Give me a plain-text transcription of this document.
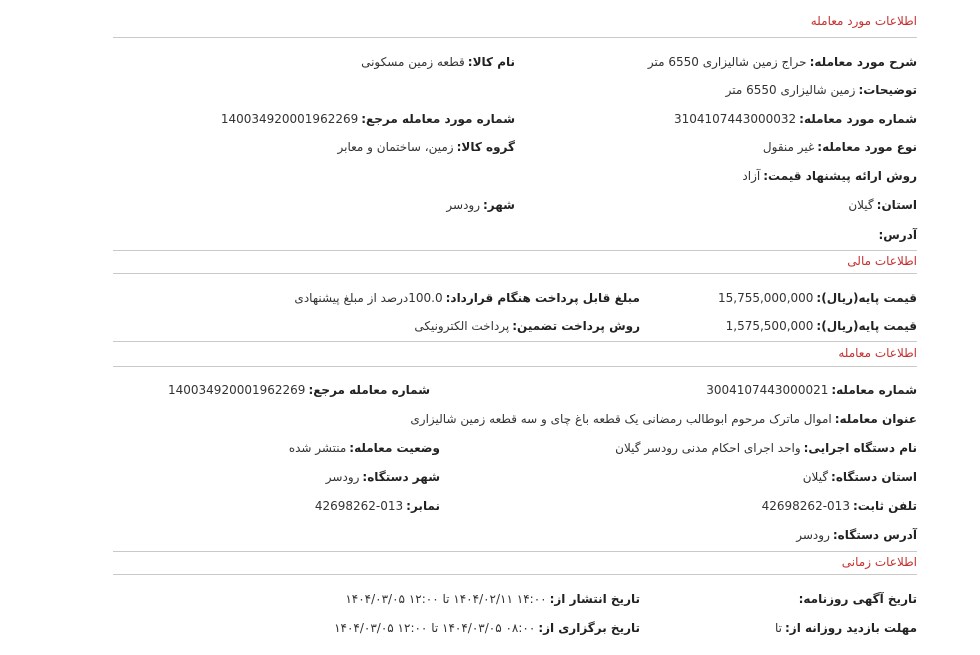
اطلاعات مورد معامله
شرح مورد معامله:حراج زمین شالیزاری 6550 متر
نام کالا:قطعه زمین مسکونی
توضیحات:زمین شالیزاری 6550 متر
شماره مورد معامله:3104107443000032
شماره مورد معامله مرجع:140034920001962269
نوع مورد معامله:غیر منقول
گروه کالا:زمین، ساختمان و معابر
روش ارائه پیشنهاد قیمت:آزاد
استان:گیلان
شهر:رودسر
آدرس:
اطلاعات مالی
قیمت پایه(ریال):15,755,000,000
مبلغ قابل پرداخت هنگام قرارداد:100.0درصد از مبلغ پیشنهادی
قیمت پایه(ریال):1,575,500,000
روش پرداخت تضمین:پرداخت الکترونیکی
اطلاعات معامله
شماره معامله:3004107443000021
شماره معامله مرجع:140034920001962269
عنوان معامله:اموال ماترک مرحوم ابوطالب رمضانی یک قطعه باغ چای و سه قطعه زمین شالیزاری
نام دستگاه اجرایی:واحد اجرای احکام مدنی رودسر گیلان
وضعیت معامله:منتشر شده
استان دستگاه:گیلان
شهر دستگاه:رودسر
تلفن ثابت:013-42698262
نمابر:013-42698262
آدرس دستگاه:رودسر
اطلاعات زمانی
تاریخ آگهی روزنامه:
تاریخ انتشار از:۱۴:۰۰ ۱۴۰۴/۰۲/۱۱ تا ۱۲:۰۰ ۱۴۰۴/۰۳/۰۵
مهلت بازدید روزانه از:تا
تاریخ برگزاری از:۰۸:۰۰ ۱۴۰۴/۰۳/۰۵ تا ۱۲:۰۰ ۱۴۰۴/۰۳/۰۵
